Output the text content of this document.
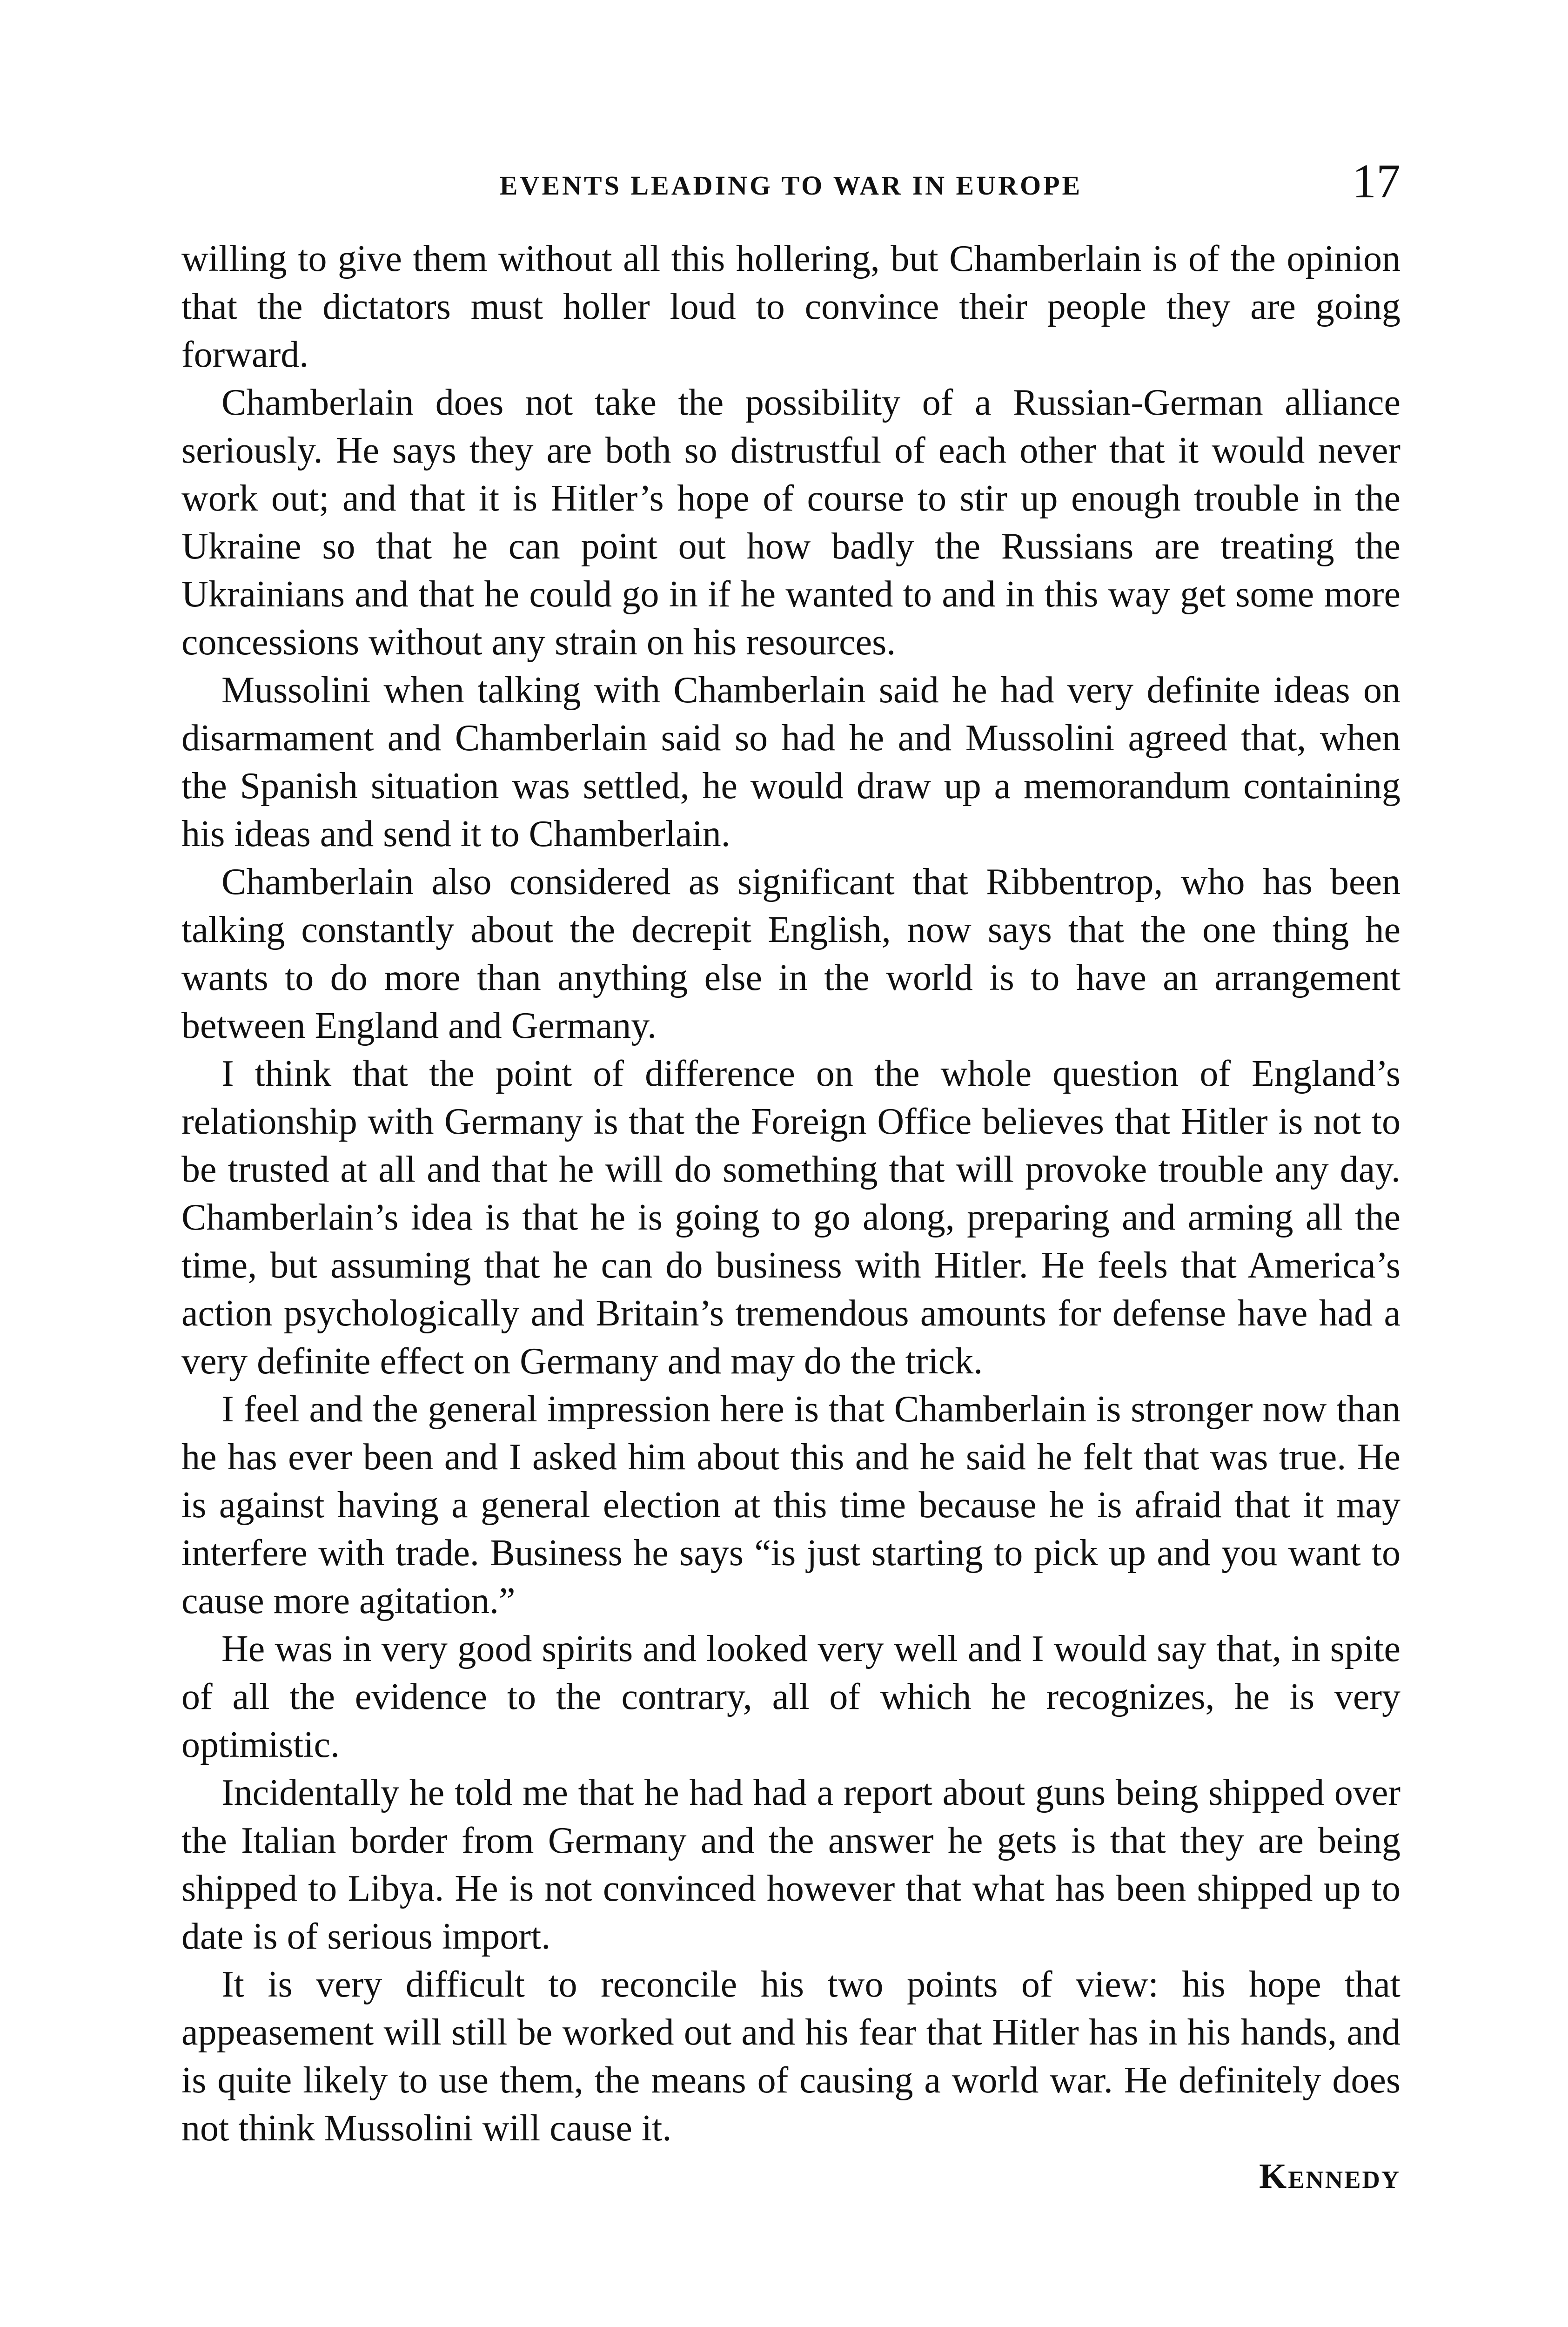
EVENTS LEADING TO WAR IN EUROPE	17

willing to give them without all this hollering, but Chamberlain is of the opinion that the dictators must holler loud to convince their people they are going forward.

Chamberlain does not take the possibility of a Russian-German alliance seriously. He says they are both so distrustful of each other that it would never work out; and that it is Hitler’s hope of course to stir up enough trouble in the Ukraine so that he can point out how badly the Russians are treating the Ukrainians and that he could go in if he wanted to and in this way get some more concessions without any strain on his resources.

Mussolini when talking with Chamberlain said he had very definite ideas on disarmament and Chamberlain said so had he and Mussolini agreed that, when the Spanish situation was settled, he would draw up a memorandum containing his ideas and send it to Chamberlain.

Chamberlain also considered as significant that Ribbentrop, who has been talking constantly about the decrepit English, now says that the one thing he wants to do more than anything else in the world is to have an arrangement between England and Germany.

I think that the point of difference on the whole question of England’s relationship with Germany is that the Foreign Office believes that Hitler is not to be trusted at all and that he will do something that will provoke trouble any day. Chamberlain’s idea is that he is going to go along, preparing and arming all the time, but assuming that he can do business with Hitler. He feels that America’s action psychologically and Britain’s tremendous amounts for defense have had a very definite effect on Germany and may do the trick.

I feel and the general impression here is that Chamberlain is stronger now than he has ever been and I asked him about this and he said he felt that was true. He is against having a general election at this time because he is afraid that it may interfere with trade. Business he says “is just starting to pick up and you want to cause more agitation.”

He was in very good spirits and looked very well and I would say that, in spite of all the evidence to the contrary, all of which he recognizes, he is very optimistic.

Incidentally he told me that he had had a report about guns being shipped over the Italian border from Germany and the answer he gets is that they are being shipped to Libya. He is not convinced however that what has been shipped up to date is of serious import.

It is very difficult to reconcile his two points of view: his hope that appeasement will still be worked out and his fear that Hitler has in his hands, and is quite likely to use them, the means of causing a world war. He definitely does not think Mussolini will cause it.

Kennedy
